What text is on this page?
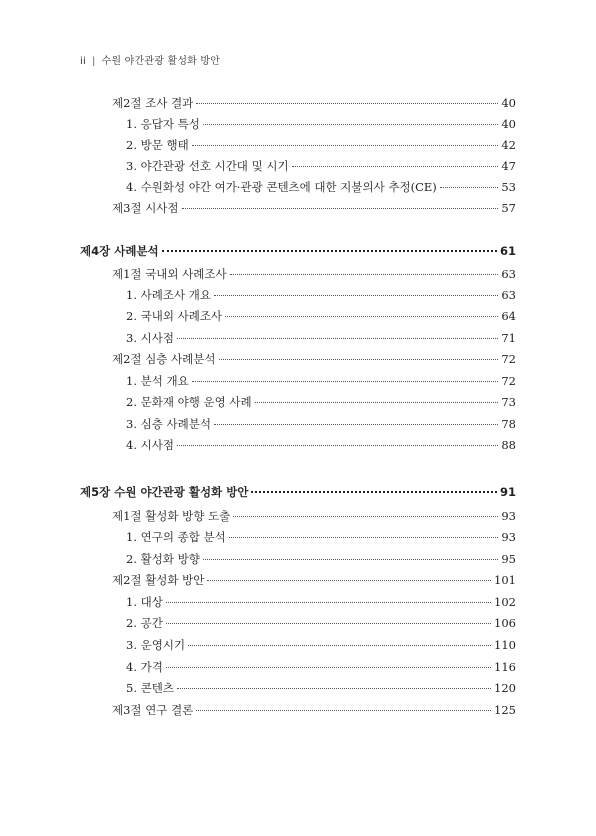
ii | 수원 야간관광 활성화 방안
제2절 조사 결과	40
1. 응답자 특성	40
2. 방문 행태	42
3. 야간관광 선호 시간대 및 시기	47
4. 수원화성 야간 여가·관광 콘텐츠에 대한 지불의사 추정(CE)	53
제3절 시사점	57
제4장 사례분석	61
제1절 국내외 사례조사	63
1. 사례조사 개요	63
2. 국내외 사례조사	64
3. 시사점	71
제2절 심층 사례분석	72
1. 분석 개요	72
2. 문화재 야행 운영 사례	73
3. 심층 사례분석	78
4. 시사점	88
제5장 수원 야간관광 활성화 방안	91
제1절 활성화 방향 도출	93
1. 연구의 종합 분석	93
2. 활성화 방향	95
제2절 활성화 방안	101
1. 대상	102
2. 공간	106
3. 운영시기	110
4. 가격	116
5. 콘텐츠	120
제3절 연구 결론	125
